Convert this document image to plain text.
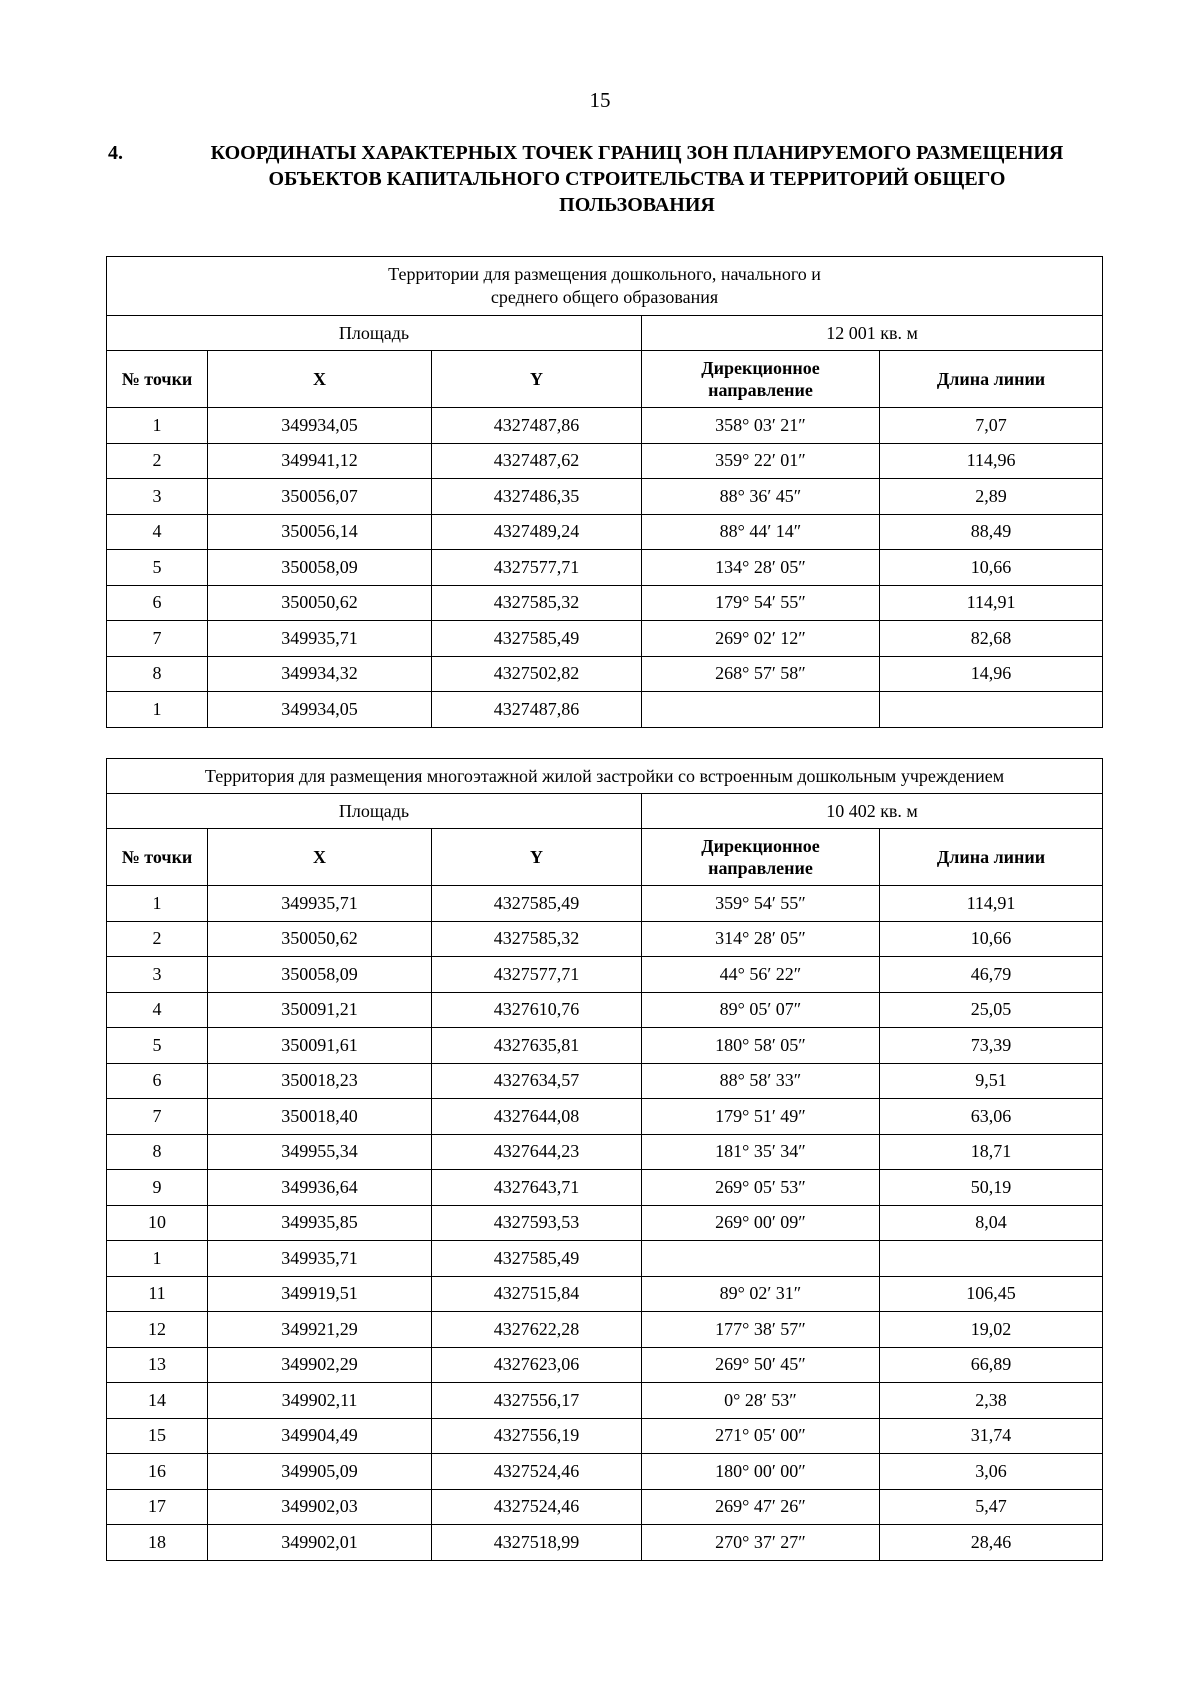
15
4.	КООРДИНАТЫ ХАРАКТЕРНЫХ ТОЧЕК ГРАНИЦ ЗОН ПЛАНИРУЕМОГО РАЗМЕЩЕНИЯ
ОБЪЕКТОВ КАПИТАЛЬНОГО СТРОИТЕЛЬСТВА И ТЕРРИТОРИЙ ОБЩЕГО
ПОЛЬЗОВАНИЯ
Территории для размещения дошкольного, начального и
среднего общего образования				

Площадь			12 001 кв. м	
№ точки	X	Y	Дирекционное
направление	Длина линии
1	349934,05	4327487,86	358° 03′ 21″	7,07
2	349941,12	4327487,62	359° 22′ 01″	114,96
3	350056,07	4327486,35	88° 36′ 45″	2,89
4	350056,14	4327489,24	88° 44′ 14″	88,49
5	350058,09	4327577,71	134° 28′ 05″	10,66
6	350050,62	4327585,32	179° 54′ 55″	114,91
7	349935,71	4327585,49	269° 02′ 12″	82,68
8	349934,32	4327502,82	268° 57′ 58″	14,96
1	349934,05	4327487,86		
Территория для размещения многоэтажной жилой застройки со встроенным дошкольным учреждением				

Площадь			10 402 кв. м	
№ точки	X	Y	Дирекционное
направление	Длина линии
1	349935,71	4327585,49	359° 54′ 55″	114,91
2	350050,62	4327585,32	314° 28′ 05″	10,66
3	350058,09	4327577,71	44° 56′ 22″	46,79
4	350091,21	4327610,76	89° 05′ 07″	25,05
5	350091,61	4327635,81	180° 58′ 05″	73,39
6	350018,23	4327634,57	88° 58′ 33″	9,51
7	350018,40	4327644,08	179° 51′ 49″	63,06
8	349955,34	4327644,23	181° 35′ 34″	18,71
9	349936,64	4327643,71	269° 05′ 53″	50,19
10	349935,85	4327593,53	269° 00′ 09″	8,04
1	349935,71	4327585,49		
11	349919,51	4327515,84	89° 02′ 31″	106,45
12	349921,29	4327622,28	177° 38′ 57″	19,02
13	349902,29	4327623,06	269° 50′ 45″	66,89
14	349902,11	4327556,17	0° 28′ 53″	2,38
15	349904,49	4327556,19	271° 05′ 00″	31,74
16	349905,09	4327524,46	180° 00′ 00″	3,06
17	349902,03	4327524,46	269° 47′ 26″	5,47
18	349902,01	4327518,99	270° 37′ 27″	28,46
